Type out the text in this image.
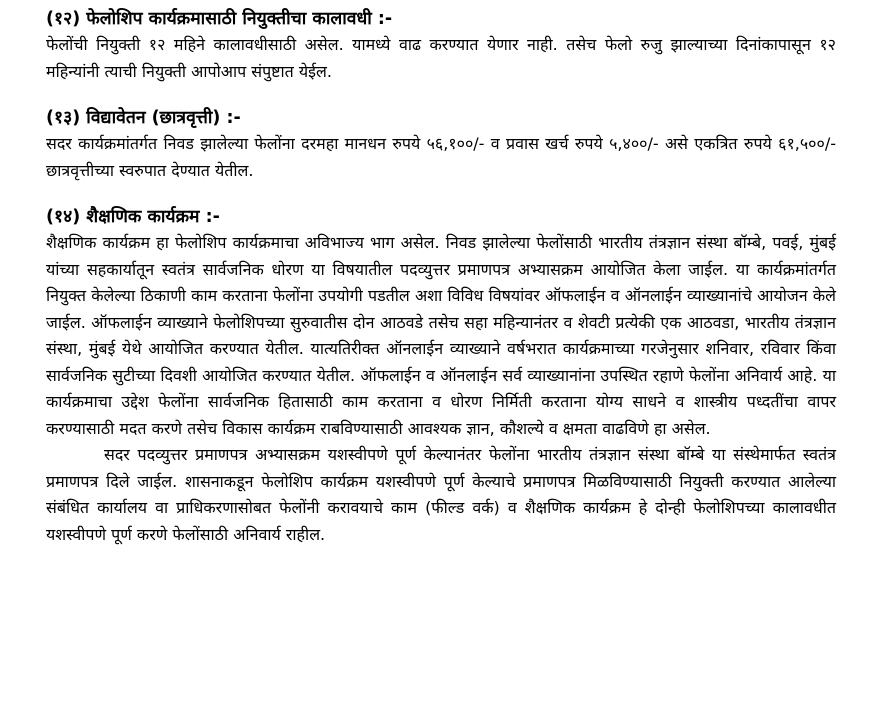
(१२) फेलोशिप कार्यक्रमासाठी नियुक्तीचा कालावधी :-

फेलोंची नियुक्ती १२ महिने कालावधीसाठी असेल. यामध्ये वाढ करण्यात येणार नाही. तसेच फेलो रुजु झाल्याच्या दिनांकापासून १२ महिन्यांनी त्याची नियुक्ती आपोआप संपुष्टात येईल.

(१३) विद्यावेतन (छात्रवृत्ती) :-

सदर कार्यक्रमांतर्गत निवड झालेल्या फेलोंना दरमहा मानधन रुपये ५६,१००/- व प्रवास खर्च रुपये ५,४००/- असे एकत्रित रुपये ६१,५००/- छात्रवृत्तीच्या स्वरुपात देण्यात येतील.

(१४) शैक्षणिक कार्यक्रम :-

शैक्षणिक कार्यक्रम हा फेलोशिप कार्यक्रमाचा अविभाज्य भाग असेल. निवड झालेल्या फेलोंसाठी भारतीय तंत्रज्ञान संस्था बॉम्बे, पवई, मुंबई यांच्या सहकार्यातून स्वतंत्र सार्वजनिक धोरण या विषयातील पदव्युत्तर प्रमाणपत्र अभ्यासक्रम आयोजित केला जाईल. या कार्यक्रमांतर्गत नियुक्त केलेल्या ठिकाणी काम करताना फेलोंना उपयोगी पडतील अशा विविध विषयांवर ऑफलाईन व ऑनलाईन व्याख्यानांचे आयोजन केले जाईल. ऑफलाईन व्याख्याने फेलोशिपच्या सुरुवातीस दोन आठवडे तसेच सहा महिन्यानंतर व शेवटी प्रत्येकी एक आठवडा, भारतीय तंत्रज्ञान संस्था, मुंबई येथे आयोजित करण्यात येतील. यात्यतिरीक्त ऑनलाईन व्याख्याने वर्षभरात कार्यक्रमाच्या गरजेनुसार शनिवार, रविवार किंवा सार्वजनिक सुटीच्या दिवशी आयोजित करण्यात येतील. ऑफलाईन व ऑनलाईन सर्व व्याख्यानांना उपस्थित रहाणे फेलोंना अनिवार्य आहे. या कार्यक्रमाचा उद्देश फेलोंना सार्वजनिक हितासाठी काम करताना व धोरण निर्मिती करताना योग्य साधने व शास्त्रीय पध्दतींचा वापर करण्यासाठी मदत करणे तसेच विकास कार्यक्रम राबविण्यासाठी आवश्यक ज्ञान, कौशल्ये व क्षमता वाढविणे हा असेल.

सदर पदव्युत्तर प्रमाणपत्र अभ्यासक्रम यशस्वीपणे पूर्ण केल्यानंतर फेलोंना भारतीय तंत्रज्ञान संस्था बॉम्बे या संस्थेमार्फत स्वतंत्र प्रमाणपत्र दिले जाईल. शासनाकडून फेलोशिप कार्यक्रम यशस्वीपणे पूर्ण केल्याचे प्रमाणपत्र मिळविण्यासाठी नियुक्ती करण्यात आलेल्या संबंधित कार्यालय वा प्राधिकरणासोबत फेलोंनी करावयाचे काम (फील्ड वर्क) व शैक्षणिक कार्यक्रम हे दोन्ही फेलोशिपच्या कालावधीत यशस्वीपणे पूर्ण करणे फेलोंसाठी अनिवार्य राहील.
